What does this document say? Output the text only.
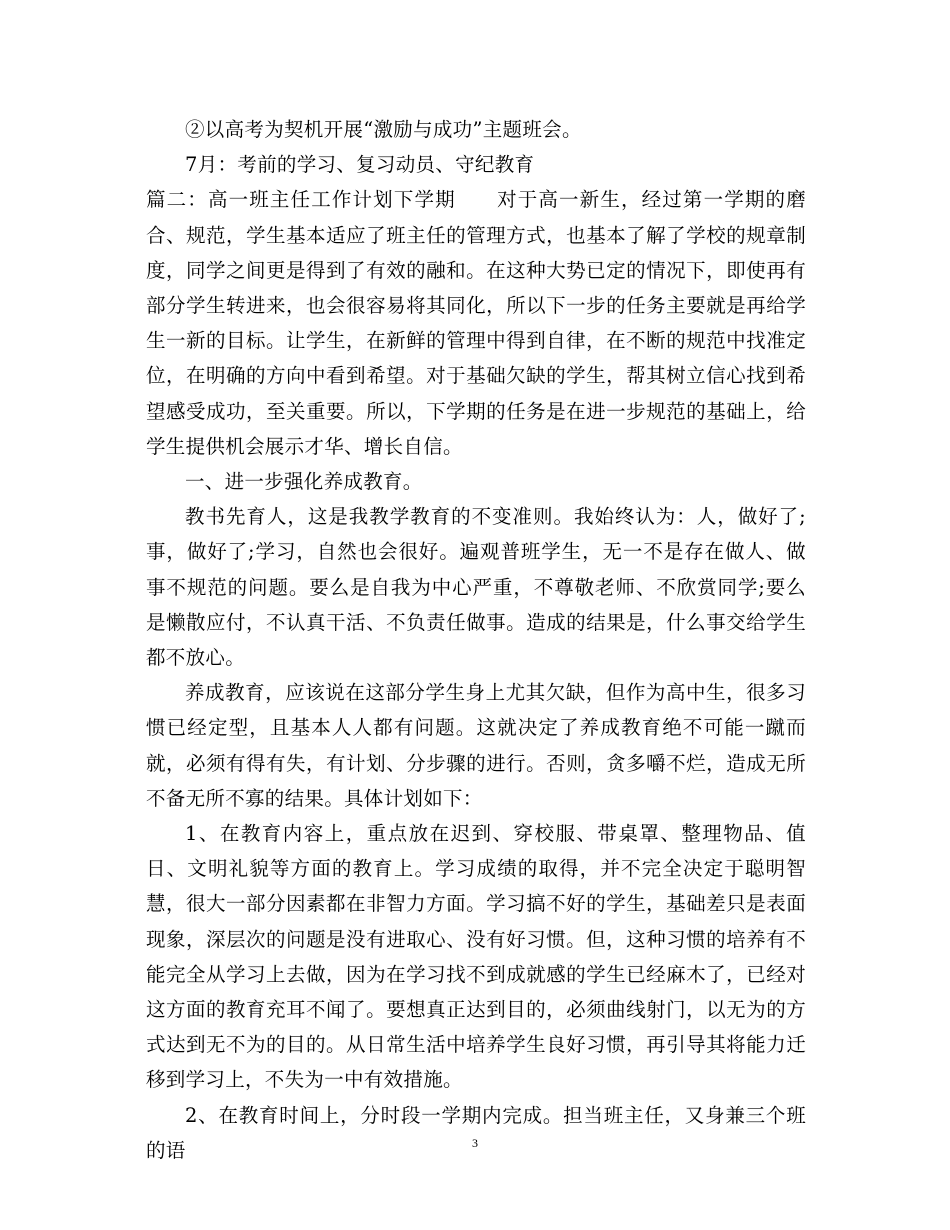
②以高考为契机开展“激励与成功”主题班会。

7月：考前的学习、复习动员、守纪教育

篇二：高一班主任工作计划下学期　　对于高一新生，经过第一学期的磨合、规范，学生基本适应了班主任的管理方式，也基本了解了学校的规章制度，同学之间更是得到了有效的融和。在这种大势已定的情况下，即使再有部分学生转进来，也会很容易将其同化，所以下一步的任务主要就是再给学生一新的目标。让学生，在新鲜的管理中得到自律，在不断的规范中找准定位，在明确的方向中看到希望。对于基础欠缺的学生，帮其树立信心找到希望感受成功，至关重要。所以，下学期的任务是在进一步规范的基础上，给学生提供机会展示才华、增长自信。

一、进一步强化养成教育。

教书先育人，这是我教学教育的不变准则。我始终认为：人，做好了;事，做好了;学习，自然也会很好。遍观普班学生，无一不是存在做人、做事不规范的问题。要么是自我为中心严重，不尊敬老师、不欣赏同学;要么是懒散应付，不认真干活、不负责任做事。造成的结果是，什么事交给学生都不放心。

养成教育，应该说在这部分学生身上尤其欠缺，但作为高中生，很多习惯已经定型，且基本人人都有问题。这就决定了养成教育绝不可能一蹴而就，必须有得有失，有计划、分步骤的进行。否则，贪多嚼不烂，造成无所不备无所不寡的结果。具体计划如下：

1、在教育内容上，重点放在迟到、穿校服、带桌罩、整理物品、值日、文明礼貌等方面的教育上。学习成绩的取得，并不完全决定于聪明智慧，很大一部分因素都在非智力方面。学习搞不好的学生，基础差只是表面现象，深层次的问题是没有进取心、没有好习惯。但，这种习惯的培养有不能完全从学习上去做，因为在学习找不到成就感的学生已经麻木了，已经对这方面的教育充耳不闻了。要想真正达到目的，必须曲线射门，以无为的方式达到无不为的目的。从日常生活中培养学生良好习惯，再引导其将能力迁移到学习上，不失为一中有效措施。

2、在教育时间上，分时段一学期内完成。担当班主任，又身兼三个班的语	3
